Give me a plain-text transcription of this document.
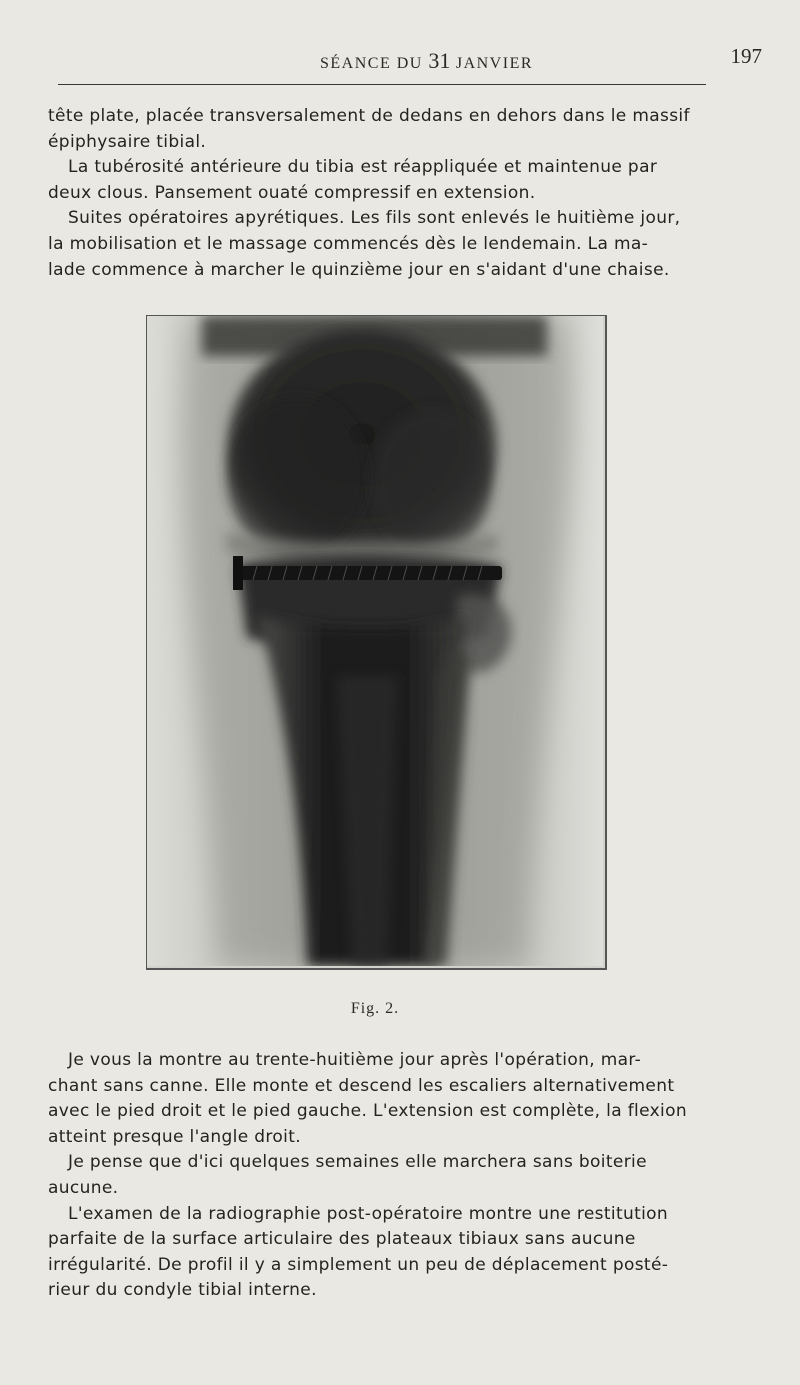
SÉANCE DU 31 JANVIER	197

tête plate, placée transversalement de dedans en dehors dans le massif
épiphysaire tibial.

La tubérosité antérieure du tibia est réappliquée et maintenue par
deux clous. Pansement ouaté compressif en extension.

Suites opératoires apyrétiques. Les fils sont enlevés le huitième jour,
la mobilisation et le massage commencés dès le lendemain. La ma-
lade commence à marcher le quinzième jour en s'aidant d'une chaise.

Fig. 2.

Je vous la montre au trente-huitième jour après l'opération, mar-
chant sans canne. Elle monte et descend les escaliers alternativement
avec le pied droit et le pied gauche. L'extension est complète, la flexion
atteint presque l'angle droit.

Je pense que d'ici quelques semaines elle marchera sans boiterie
aucune.

L'examen de la radiographie post-opératoire montre une restitution
parfaite de la surface articulaire des plateaux tibiaux sans aucune
irrégularité. De profil il y a simplement un peu de déplacement posté-
rieur du condyle tibial interne.
